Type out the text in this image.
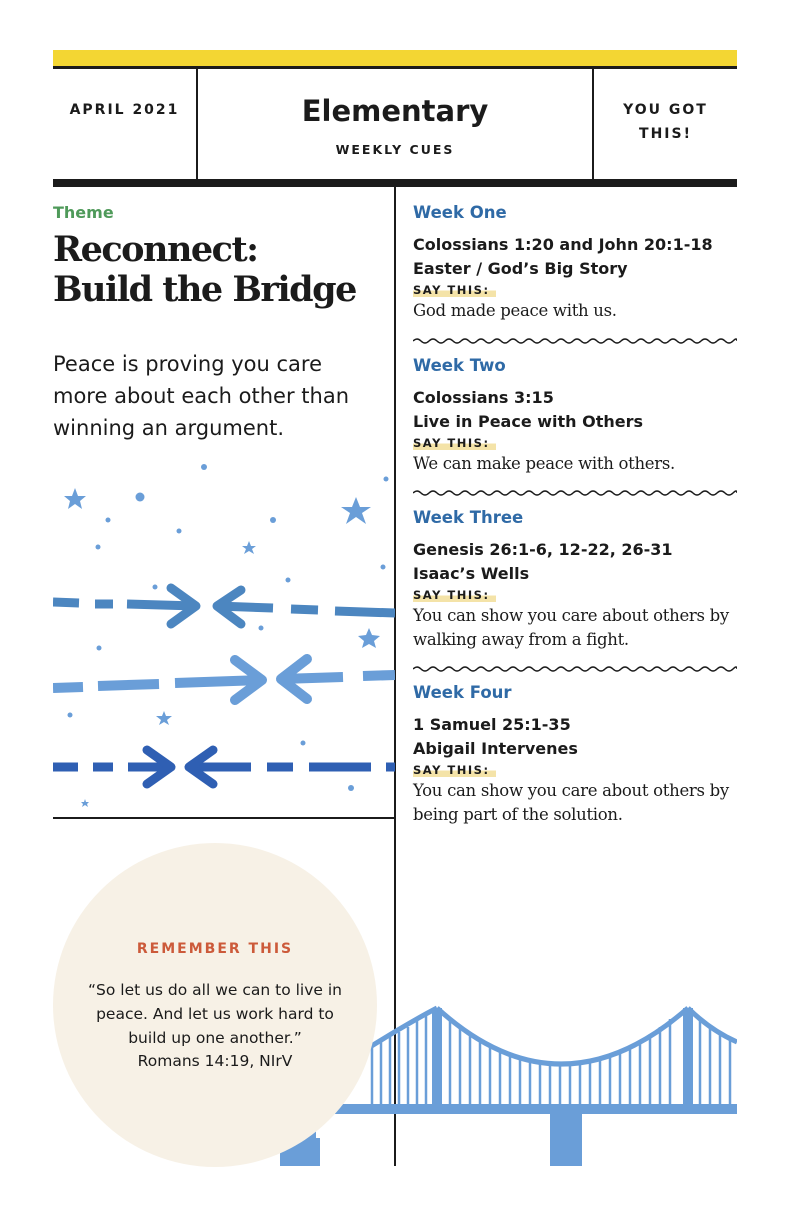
APRIL 2021	Elementary
WEEKLY CUES
YOU GOT THIS!
Theme
Reconnect:
Build the Bridge
Peace is proving you care more about each other than winning an argument.
Week One
Colossians 1:20 and John 20:1-18
Easter / God’s Big Story
SAY THIS:
God made peace with us.
Week Two
Colossians 3:15
Live in Peace with Others
SAY THIS:
We can make peace with others.
Week Three
Genesis 26:1-6, 12-22, 26-31
Isaac’s Wells
SAY THIS:
You can show you care about others by walking away from a fight.
Week Four
1 Samuel 25:1-35
Abigail Intervenes
SAY THIS:
You can show you care about others by being part of the solution.
REMEMBER THIS
“So let us do all we can to live in peace. And let us work hard to build up one another.”
Romans 14:19, NIrV
